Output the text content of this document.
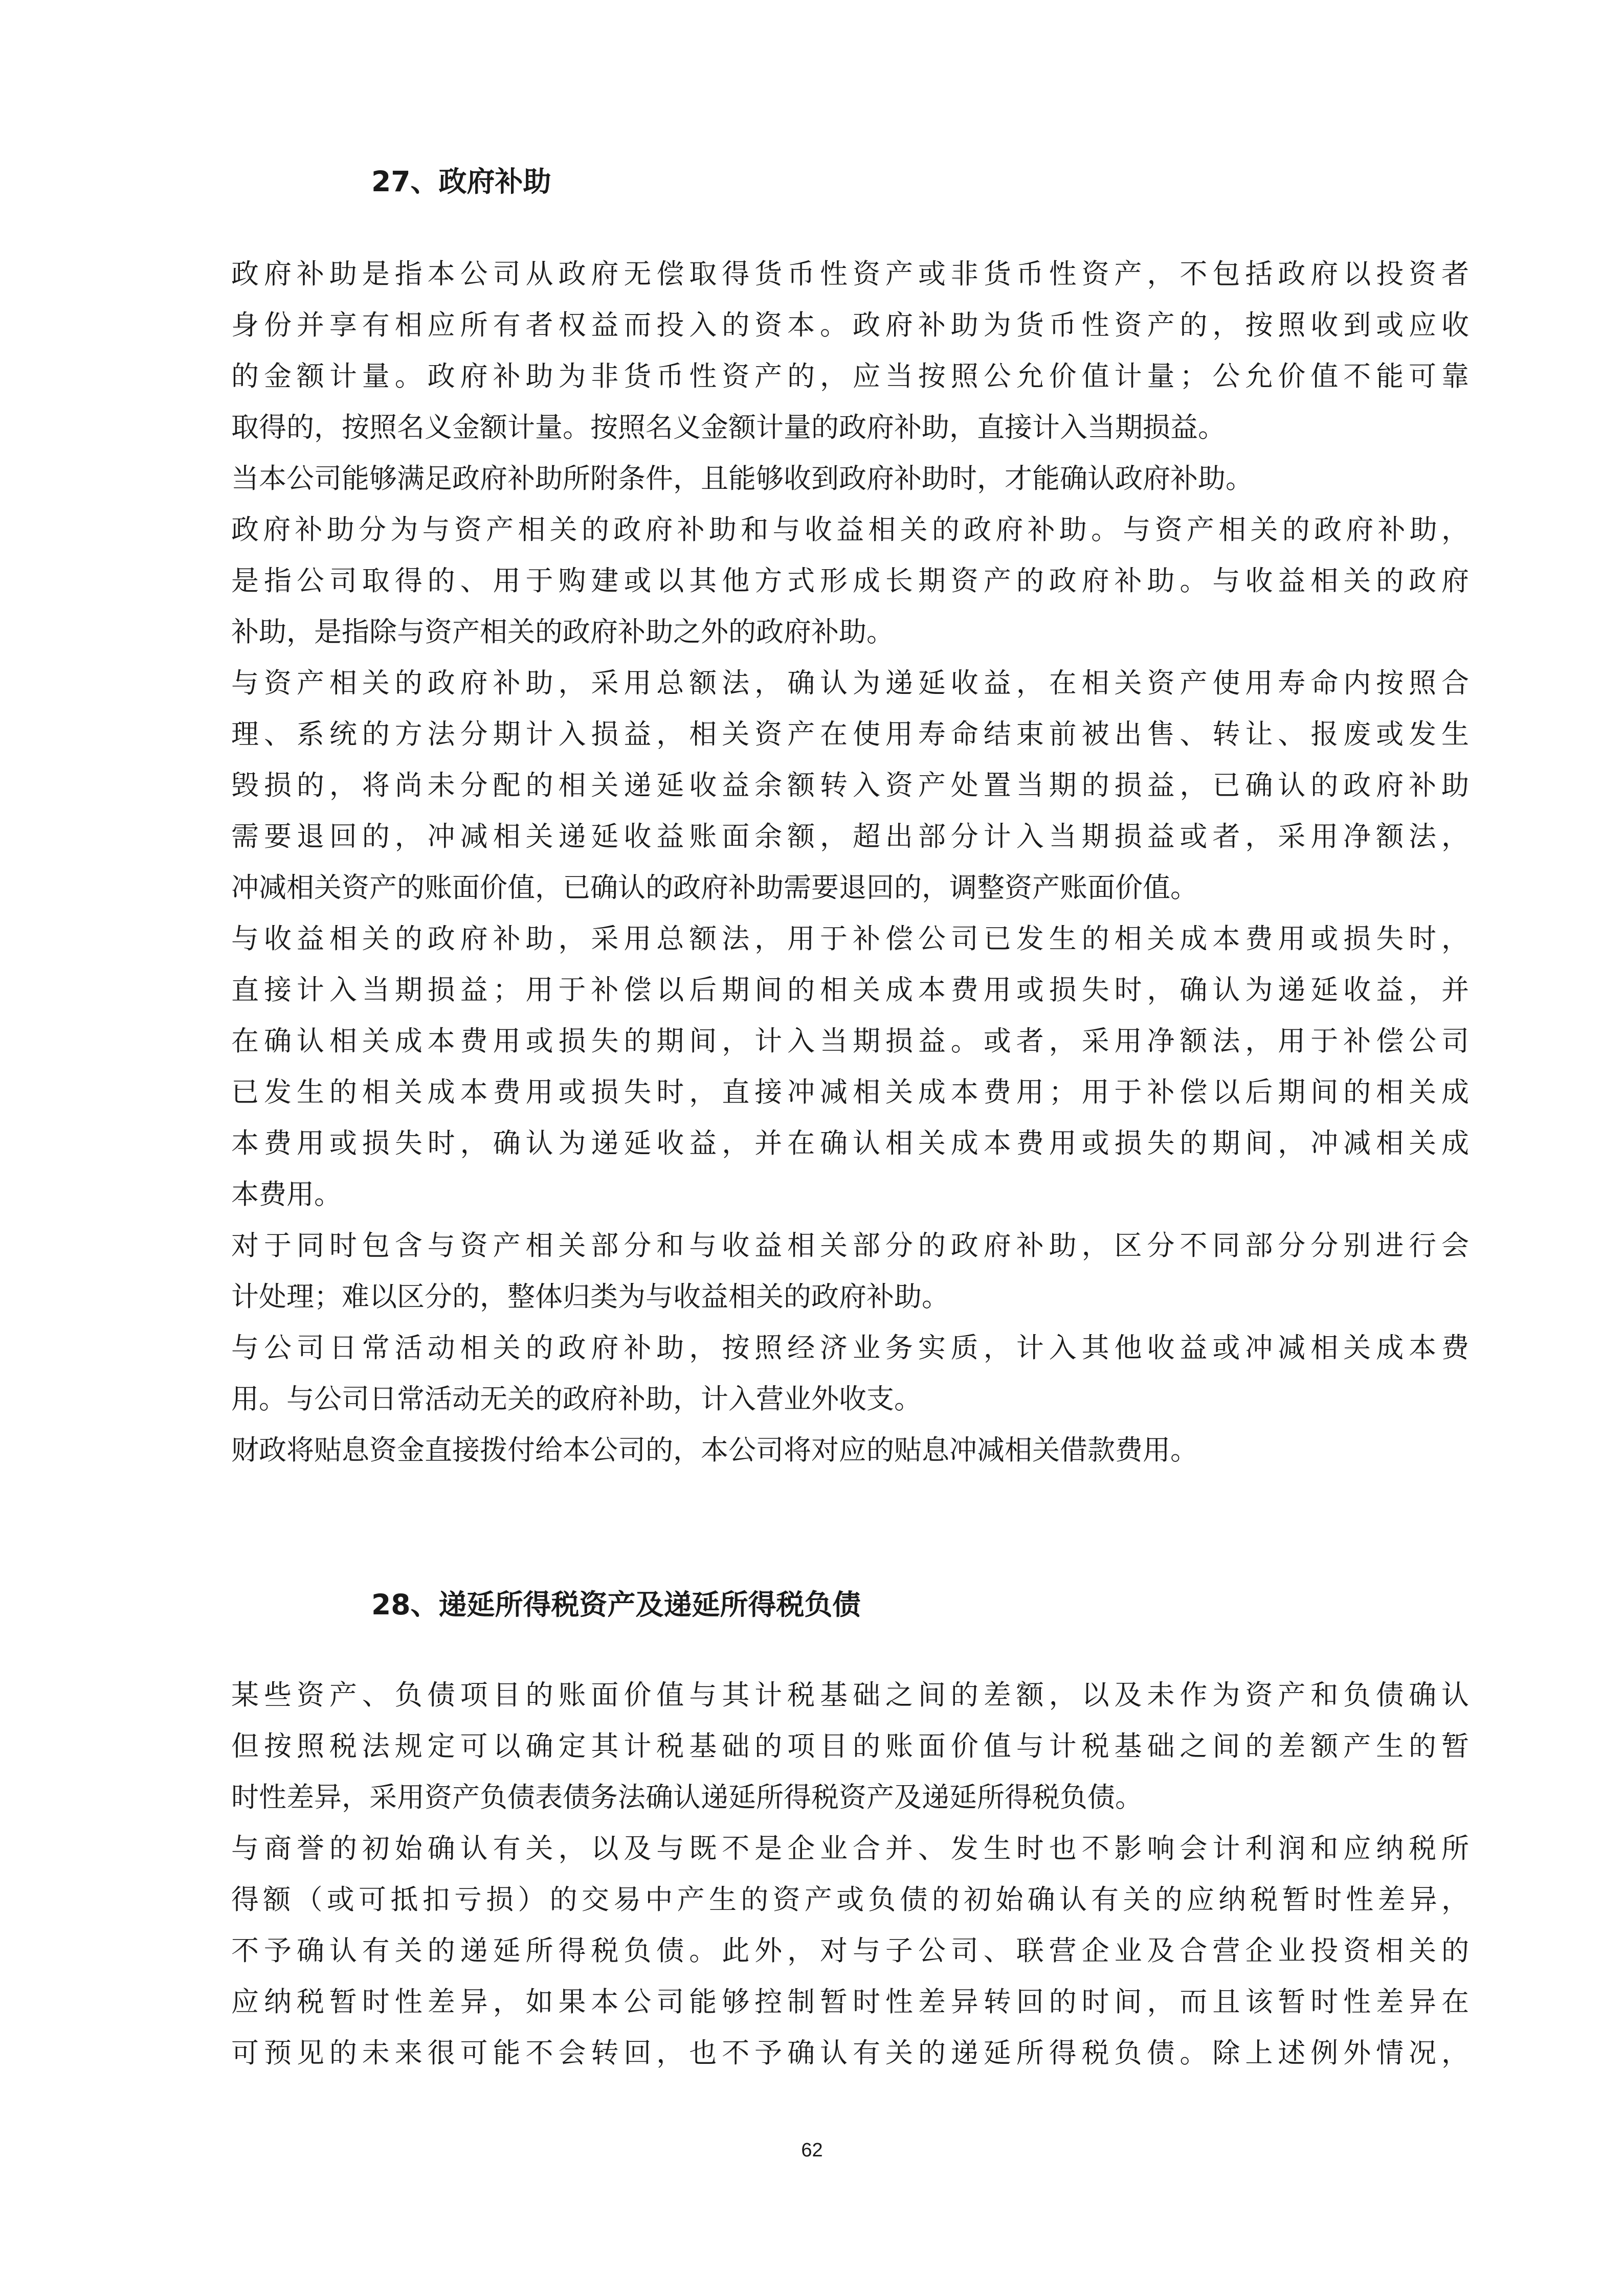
27、政府补助
政府补助是指本公司从政府无偿取得货币性资产或非货币性资产，不包括政府以投资者
身份并享有相应所有者权益而投入的资本。政府补助为货币性资产的，按照收到或应收
的金额计量。政府补助为非货币性资产的，应当按照公允价值计量；公允价值不能可靠
取得的，按照名义金额计量。按照名义金额计量的政府补助，直接计入当期损益。
当本公司能够满足政府补助所附条件，且能够收到政府补助时，才能确认政府补助。
政府补助分为与资产相关的政府补助和与收益相关的政府补助。与资产相关的政府补助，
是指公司取得的、用于购建或以其他方式形成长期资产的政府补助。与收益相关的政府
补助，是指除与资产相关的政府补助之外的政府补助。
与资产相关的政府补助，采用总额法，确认为递延收益，在相关资产使用寿命内按照合
理、系统的方法分期计入损益，相关资产在使用寿命结束前被出售、转让、报废或发生
毁损的，将尚未分配的相关递延收益余额转入资产处置当期的损益，已确认的政府补助
需要退回的，冲减相关递延收益账面余额，超出部分计入当期损益或者，采用净额法，
冲减相关资产的账面价值，已确认的政府补助需要退回的，调整资产账面价值。
与收益相关的政府补助，采用总额法，用于补偿公司已发生的相关成本费用或损失时，
直接计入当期损益；用于补偿以后期间的相关成本费用或损失时，确认为递延收益，并
在确认相关成本费用或损失的期间，计入当期损益。或者，采用净额法，用于补偿公司
已发生的相关成本费用或损失时，直接冲减相关成本费用；用于补偿以后期间的相关成
本费用或损失时，确认为递延收益，并在确认相关成本费用或损失的期间，冲减相关成
本费用。
对于同时包含与资产相关部分和与收益相关部分的政府补助，区分不同部分分别进行会
计处理；难以区分的，整体归类为与收益相关的政府补助。
与公司日常活动相关的政府补助，按照经济业务实质，计入其他收益或冲减相关成本费
用。与公司日常活动无关的政府补助，计入营业外收支。
财政将贴息资金直接拨付给本公司的，本公司将对应的贴息冲减相关借款费用。
28、递延所得税资产及递延所得税负债
某些资产、负债项目的账面价值与其计税基础之间的差额，以及未作为资产和负债确认
但按照税法规定可以确定其计税基础的项目的账面价值与计税基础之间的差额产生的暂
时性差异，采用资产负债表债务法确认递延所得税资产及递延所得税负债。
与商誉的初始确认有关，以及与既不是企业合并、发生时也不影响会计利润和应纳税所
得额（或可抵扣亏损）的交易中产生的资产或负债的初始确认有关的应纳税暂时性差异，
不予确认有关的递延所得税负债。此外，对与子公司、联营企业及合营企业投资相关的
应纳税暂时性差异，如果本公司能够控制暂时性差异转回的时间，而且该暂时性差异在
可预见的未来很可能不会转回，也不予确认有关的递延所得税负债。除上述例外情况，
62
